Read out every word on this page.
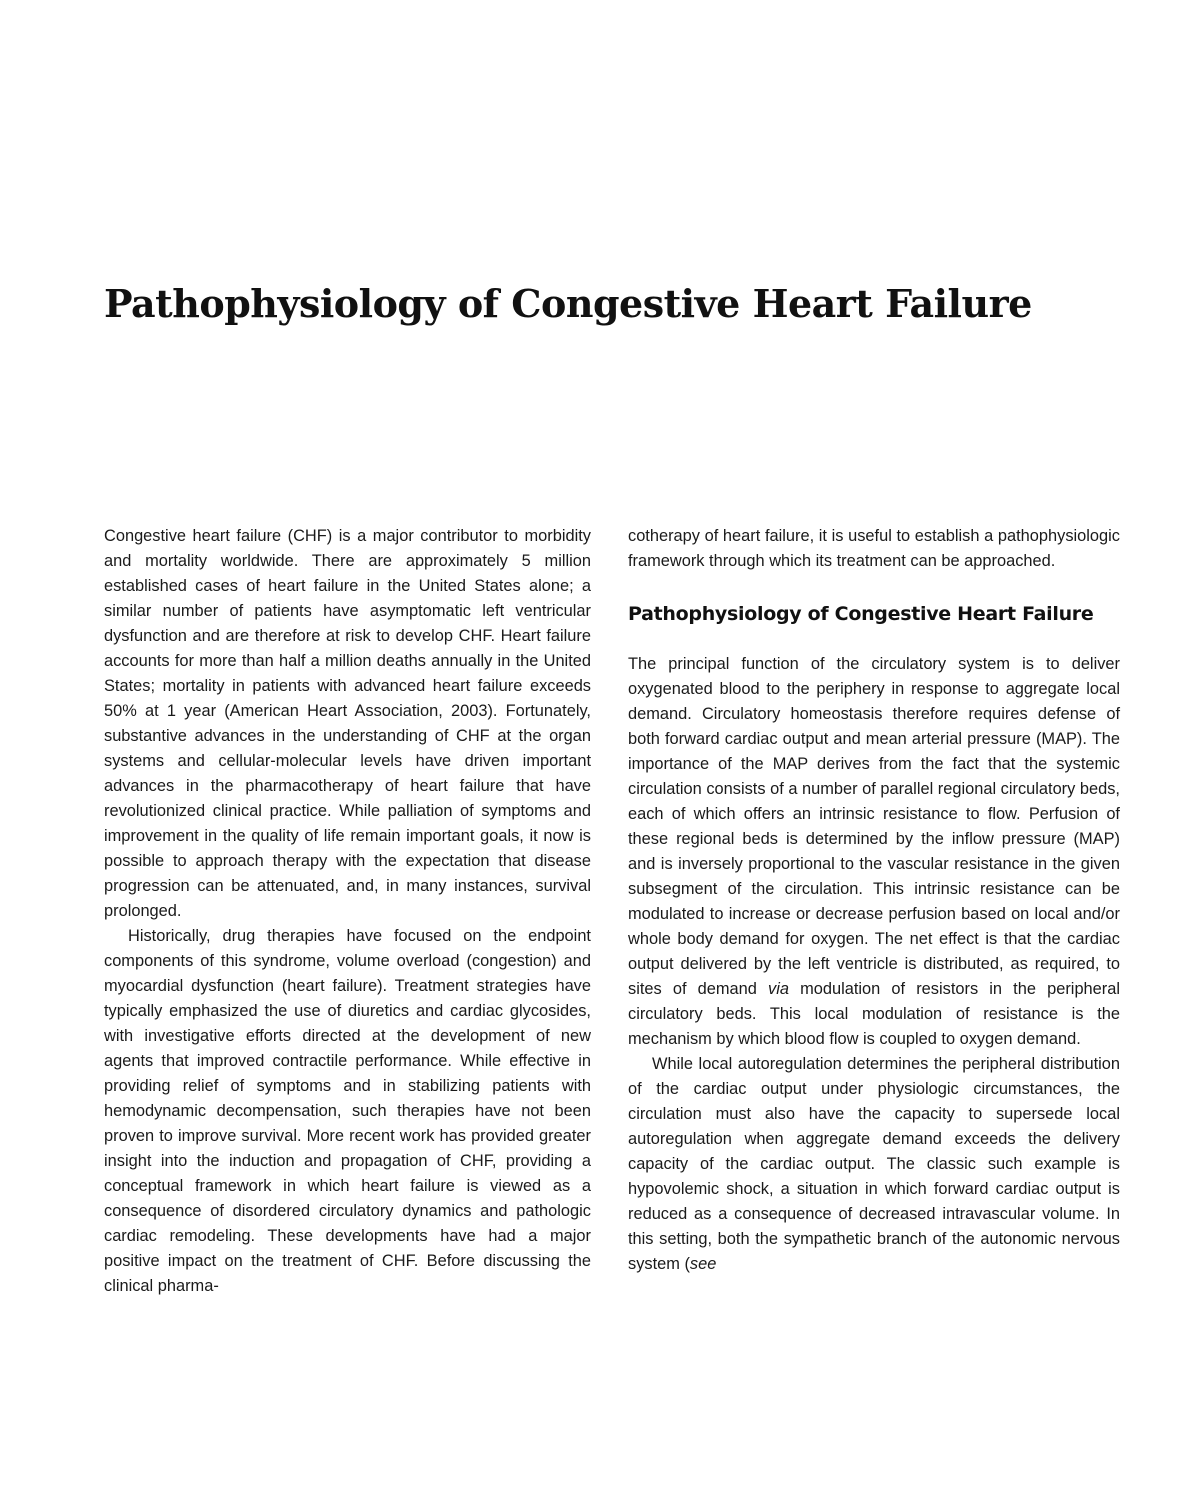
Pathophysiology of Congestive Heart Failure

Congestive heart failure (CHF) is a major contributor to morbidity and mortality worldwide. There are approximately 5 million established cases of heart failure in the United States alone; a similar number of patients have asymptomatic left ventricular dysfunction and are therefore at risk to develop CHF. Heart failure accounts for more than half a million deaths annually in the United States; mortality in patients with advanced heart failure exceeds 50% at 1 year (American Heart Association, 2003). Fortunately, substantive advances in the understanding of CHF at the organ systems and cellular-molecular levels have driven important advances in the pharmacotherapy of heart failure that have revolutionized clinical practice. While palliation of symptoms and improvement in the quality of life remain important goals, it now is possible to approach therapy with the expectation that disease progression can be attenuated, and, in many instances, survival prolonged.

Historically, drug therapies have focused on the endpoint components of this syndrome, volume overload (congestion) and myocardial dysfunction (heart failure). Treatment strategies have typically emphasized the use of diuretics and cardiac glycosides, with investigative efforts directed at the development of new agents that improved contractile performance. While effective in providing relief of symptoms and in stabilizing patients with hemodynamic decompensation, such therapies have not been proven to improve survival. More recent work has provided greater insight into the induction and propagation of CHF, providing a conceptual framework in which heart failure is viewed as a consequence of disordered circulatory dynamics and pathologic cardiac remodeling. These developments have had a major positive impact on the treatment of CHF. Before discussing the clinical pharma-

cotherapy of heart failure, it is useful to establish a pathophysiologic framework through which its treatment can be approached.

Pathophysiology of Congestive Heart Failure

The principal function of the circulatory system is to deliver oxygenated blood to the periphery in response to aggregate local demand. Circulatory homeostasis therefore requires defense of both forward cardiac output and mean arterial pressure (MAP). The importance of the MAP derives from the fact that the systemic circulation consists of a number of parallel regional circulatory beds, each of which offers an intrinsic resistance to flow. Perfusion of these regional beds is determined by the inflow pressure (MAP) and is inversely proportional to the vascular resistance in the given subsegment of the circulation. This intrinsic resistance can be modulated to increase or decrease perfusion based on local and/or whole body demand for oxygen. The net effect is that the cardiac output delivered by the left ventricle is distributed, as required, to sites of demand via modulation of resistors in the peripheral circulatory beds. This local modulation of resistance is the mechanism by which blood flow is coupled to oxygen demand.

While local autoregulation determines the peripheral distribution of the cardiac output under physiologic circumstances, the circulation must also have the capacity to supersede local autoregulation when aggregate demand exceeds the delivery capacity of the cardiac output. The classic such example is hypovolemic shock, a situation in which forward cardiac output is reduced as a consequence of decreased intravascular volume. In this setting, both the sympathetic branch of the autonomic nervous system (see
